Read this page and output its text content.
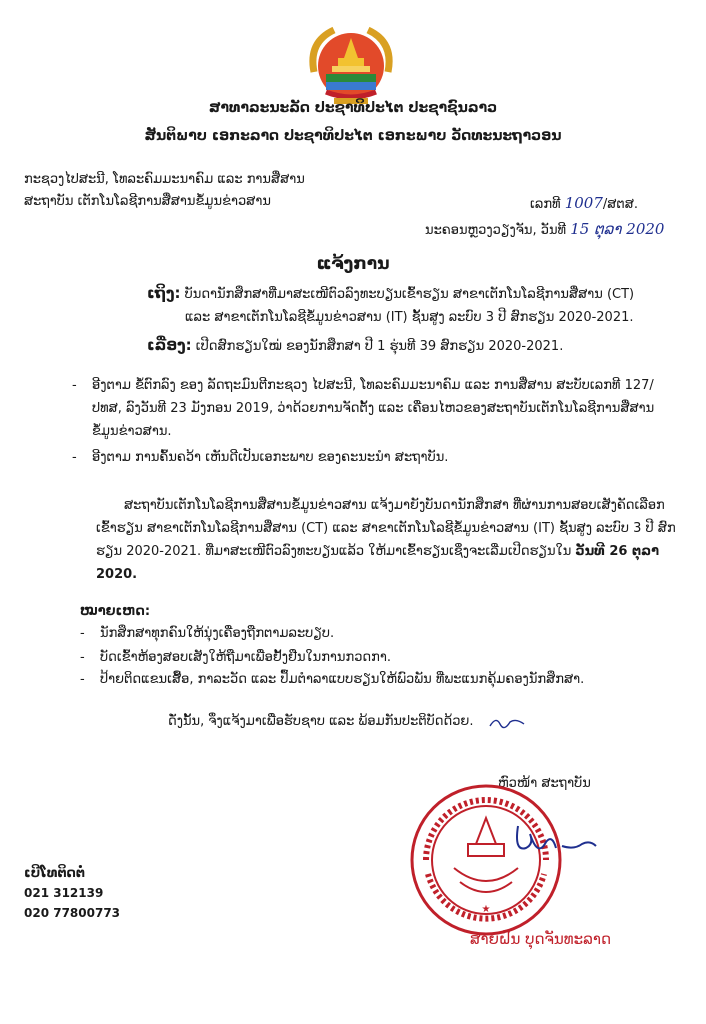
ສາທາລະນະລັດ ປະຊາທິປະໄຕ ປະຊາຊົນລາວ
ສັນຕິພາບ ເອກະລາດ ປະຊາທິປະໄຕ ເອກະພາບ ວັດທະນະຖາວອນ
ກະຊວງໄປສະນີ, ໂທລະຄົມມະນາຄົມ ແລະ ການສື່ສານ
ສະຖາບັນ ເຕັກໂນໂລຊີການສື່ສານຂໍ້ມູນຂ່າວສານ	ເລກທີ 1007/ສຕສ.
ນະຄອນຫຼວງວຽງຈັນ, ວັນທີ 15 ຕຸລາ 2020
ແຈ້ງການ
ເຖິງ: ບັນດານັກສຶກສາທີ່ມາສະເໜີຕົວລົງທະບຽນເຂົ້າຮຽນ ສາຂາເຕັກໂນໂລຊີການສື່ສານ (CT)
ແລະ ສາຂາເຕັກໂນໂລຊີຂໍ້ມູນຂ່າວສານ (IT) ຊັ້ນສູງ ລະບົບ 3 ປີ ສົກຮຽນ 2020-2021.
ເລື່ອງ: ເປີດສົກຮຽນໃໝ່ ຂອງນັກສຶກສາ ປີ 1 ຮຸ່ນທີ 39 ສົກຮຽນ 2020-2021.
-	ອີງຕາມ ຂໍ້ຕົກລົງ ຂອງ ລັດຖະມົນຕີກະຊວງ ໄປສະນີ, ໂທລະຄົມມະນາຄົມ ແລະ ການສື່ສານ ສະບັບເລກທີ 127/ປທສ, ລົງວັນທີ 23 ມັງກອນ 2019, ວ່າດ້ວຍການຈັດຕັ້ງ ແລະ ເຄື່ອນໄຫວຂອງສະຖາບັນເຕັກໂນໂລຊີການສື່ສານຂໍ້ມູນຂ່າວສານ.
-	ອີງຕາມ ການຄົ້ນຄວ້າ ເຫັນດີເປັນເອກະພາບ ຂອງຄະນະນຳ ສະຖາບັນ.
ສະຖາບັນເຕັກໂນໂລຊີການສື່ສານຂໍ້ມູນຂ່າວສານ ແຈ້ງມາຍັງບັນດານັກສຶກສາ ທີ່ຜ່ານການສອບເສັງຄັດເລືອກເຂົ້າຮຽນ ສາຂາເຕັກໂນໂລຊີການສື່ສານ (CT) ແລະ ສາຂາເຕັກໂນໂລຊີຂໍ້ມູນຂ່າວສານ (IT) ຊັ້ນສູງ ລະບົບ 3 ປີ ສົກຮຽນ 2020-2021. ທີ່ມາສະເໜີຕົວລົງທະບຽນແລ້ວ ໃຫ້ມາເຂົ້າຮຽນເຊິ່ງຈະເລີ່ມເປີດຮຽນໃນ ວັນທີ 26 ຕຸລາ 2020.
ໝາຍເຫດ:
- ນັກສຶກສາທຸກຄົນໃຫ້ນຸ່ງເຄື່ອງຖືກຕາມລະບຽບ.
- ບັດເຂົ້າຫ້ອງສອບເສັງໃຫ້ຖືມາເພື່ອຢັ້ງຢືນໃນການກວດກາ.
- ປ້າຍຕິດແຂນເສື້ອ, ກາລະວັດ ແລະ ປຶ້ມຕຳລາແບບຮຽນໃຫ້ພົວພັນ ທີ່ພະແນກຄຸ້ມຄອງນັກສຶກສາ.
ດັ່ງນັ້ນ, ຈຶ່ງແຈ້ງມາເພື່ອຮັບຊາບ ແລະ ພ້ອມກັນປະຕິບັດດ້ວຍ.
ຫົວໜ້າ ສະຖາບັນ
★
ສາຍຝົນ ບຸດຈັນທະລາດ
ເບີໂທຕິດຕໍ່
021 312139
020 77800773
